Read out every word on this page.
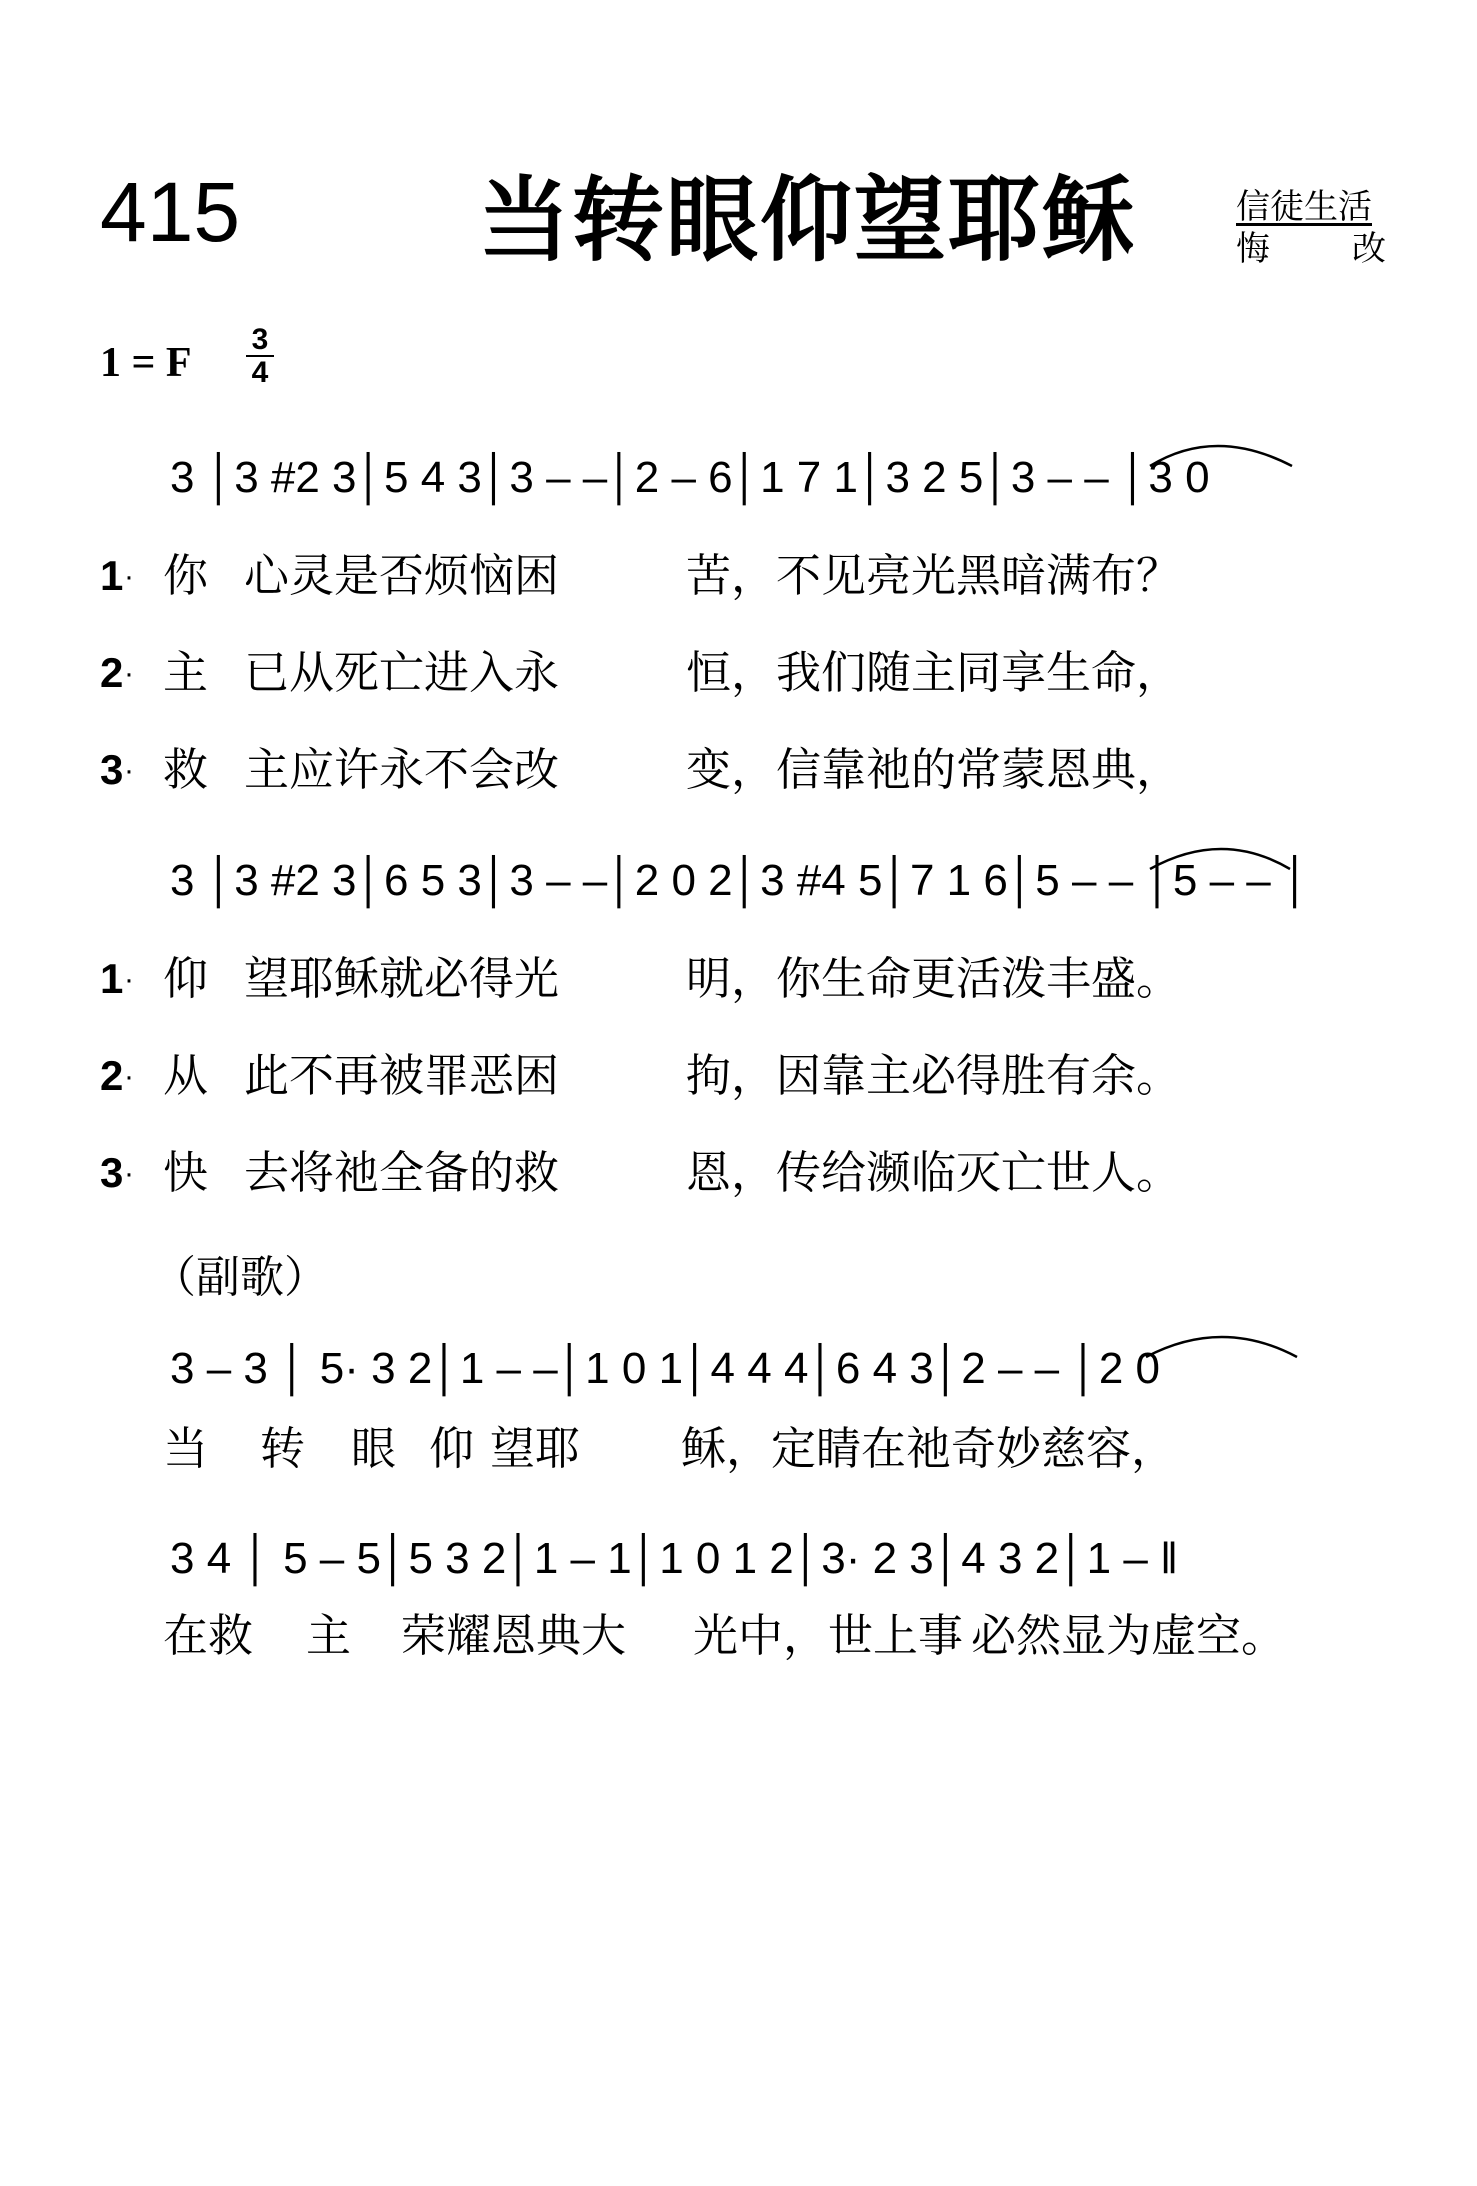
415	当转眼仰望耶稣	信徒生活
悔 改
1 = F
3
4
3 │3 #2 3│5 4 3│3 – –│2 – 6│1 7 1│3 2 5│3 – – │3 0
1 · 你 心灵是否烦恼困	苦，不见亮光黑暗满布？
2 · 主 已从死亡进入永	恒，我们随主同享生命，
3 · 救 主应许永不会改	变，信靠祂的常蒙恩典，
3 │3 #2 3│6 5 3│3 – –│2 0 2│3 #4 5│7 1 6│5 – – │5 – – │
1 · 仰 望耶稣就必得光	明，你生命更活泼丰盛。
2 · 从 此不再被罪恶困	拘，因靠主必得胜有余。
3 · 快 去将祂全备的救	恩，传给濒临灭亡世人。
（副歌）
3 – 3 │ 5· 3 2│1 – –│1 0 1│4 4 4│6 4 3│2 – – │2 0
当 转 眼 仰 望耶 稣，定睛在祂奇妙慈容，
3 4 │ 5 – 5│5 3 2│1 – 1│1 0 1 2│3· 2 3│4 3 2│1 – ‖
在救 主 荣耀恩典大 光中，世上事 必然显为虚空。
